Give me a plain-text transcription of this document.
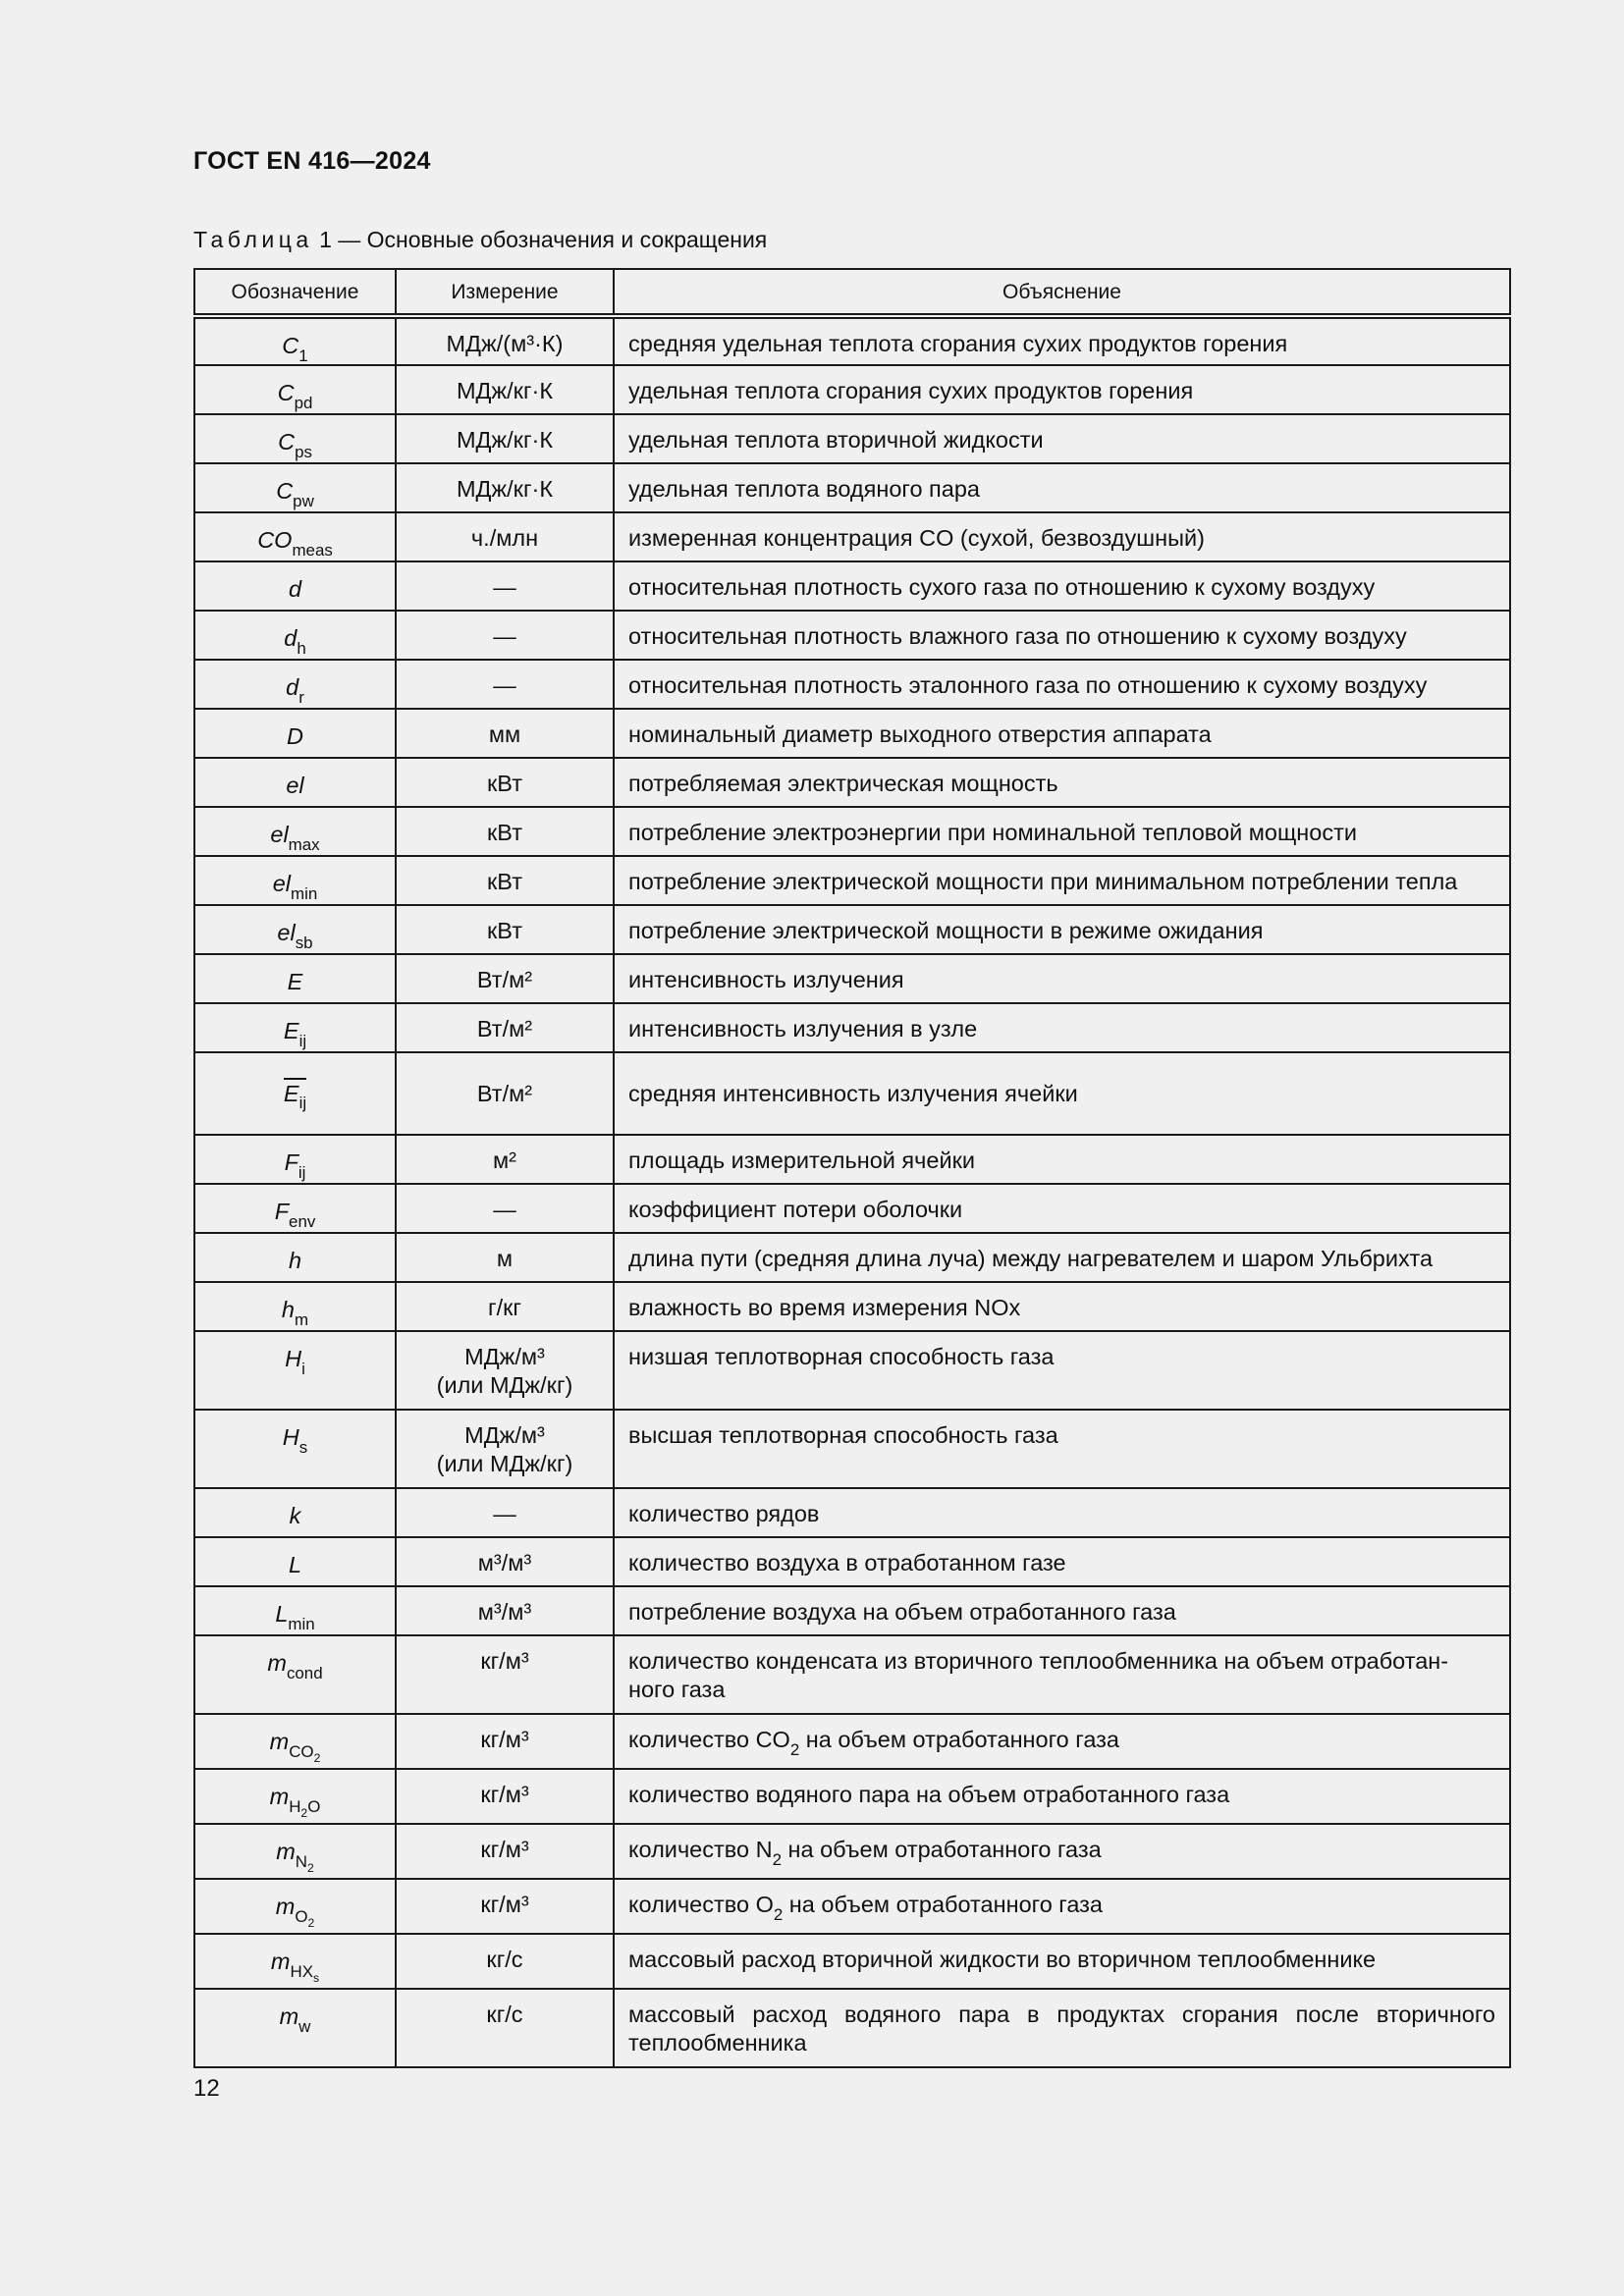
ГОСТ EN 416—2024
Таблица 1 — Основные обозначения и сокращения
Обозначение	Измерение	Объяснение
$C_1$	МДж/(м³·К)	средняя удельная теплота сгорания сухих продуктов горения

$C_{pd}$	МДж/кг·К	удельная теплота сгорания сухих продуктов горения

$C_{ps}$	МДж/кг·К	удельная теплота вторичной жидкости

$C_{pw}$	МДж/кг·К	удельная теплота водяного пара

$CO_{meas}$	ч./млн	измеренная концентрация CO (сухой, безвоздушный)

d	—	относительная плотность сухого газа по отношению к сухому воздуху

$d_h$	—	относительная плотность влажного газа по отношению к сухому воздуху

$d_r$	—	относительная плотность эталонного газа по отношению к сухому воздуху

D	мм	номинальный диаметр выходного отверстия аппарата

el	кВт	потребляемая электрическая мощность

$el_{max}$	кВт	потребление электроэнергии при номинальной тепловой мощности

$el_{min}$	кВт	потребление электрической мощности при минимальном потреблении тепла

$el_{sb}$	кВт	потребление электрической мощности в режиме ожидания

E	Вт/м²	интенсивность излучения

$E_{ij}$	Вт/м²	интенсивность излучения в узле

$E_{ij}$	Вт/м²	средняя интенсивность излучения ячейки

$F_{ij}$	м²	площадь измерительной ячейки

$F_{env}$	—	коэффициент потери оболочки

h	м	длина пути (средняя длина луча) между нагревателем и шаром Ульбрихта

$h_m$	г/кг	влажность во время измерения NOx

$H_i$	МДж/м³
(или МДж/кг)	низшая теплотворная способность газа

$H_s$	МДж/м³
(или МДж/кг)	высшая теплотворная способность газа

k	—	количество рядов

L	м³/м³	количество воздуха в отработанном газе

$L_{min}$	м³/м³	потребление воздуха на объем отработанного газа

$m_{cond}$	кг/м³	количество конденсата из вторичного теплообменника на объем отработан-
ного газа

$m_{CO_2}$	кг/м³	количество $CO_2$ на объем отработанного газа
$m_{H_2O}$	кг/м³	количество водяного пара на объем отработанного газа

$m_{N_2}$	кг/м³	количество $N_2$ на объем отработанного газа
$m_{O_2}$	кг/м³	количество $O_2$ на объем отработанного газа
$m_{HX_s}$	кг/с	массовый расход вторичной жидкости во вторичном теплообменнике

$m_w$	кг/с	массовый расход водяного пара в продуктах сгорания после вторичного
теплообменника
12
